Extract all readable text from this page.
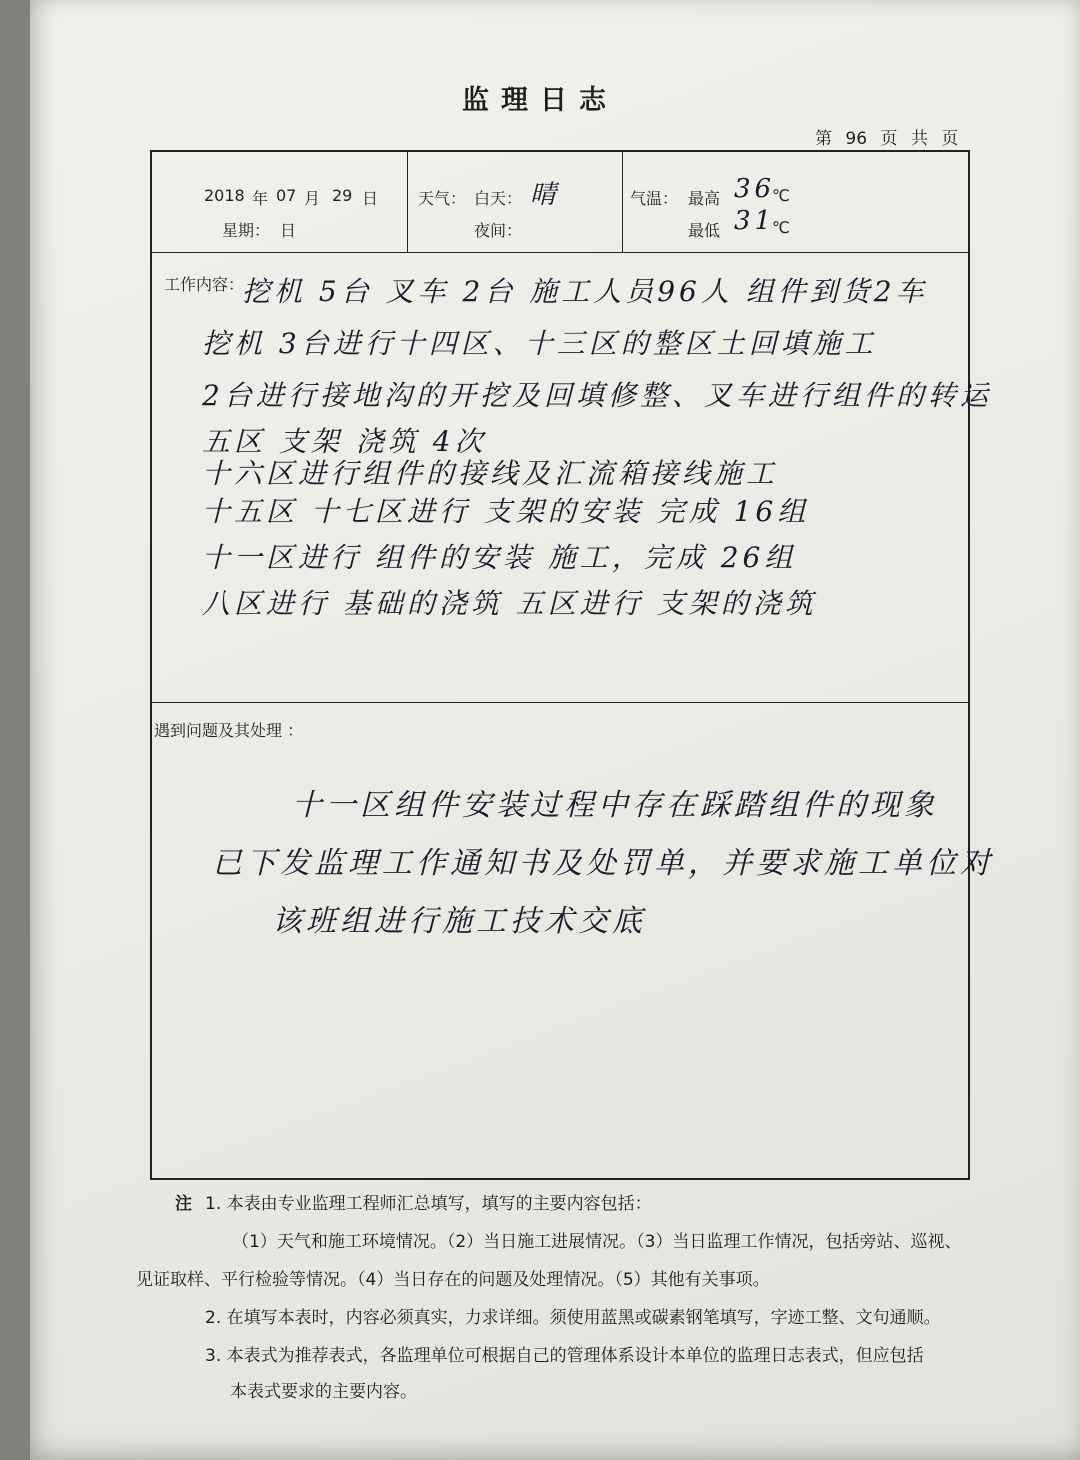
监理日志
第 96 页 共 页
2018 年 07 月 29 日
星期： 日
天气： 白天： 晴
夜间：
气温： 最高 36
℃
最低 31
℃
工作内容：
挖机 5台 叉车 2台 施工人员96人 组件到货2车
挖机 3台进行十四区、十三区的整区土回填施工
2台进行接地沟的开挖及回填修整、叉车进行组件的转运
五区 支架 浇筑 4次
十六区进行组件的接线及汇流箱接线施工
十五区 十七区进行 支架的安装 完成 16组
十一区进行 组件的安装 施工，完成 26组
八区进行 基础的浇筑 五区进行 支架的浇筑
遇到问题及其处理 ：
十一区组件安装过程中存在踩踏组件的现象
已下发监理工作通知书及处罚单，并要求施工单位对
该班组进行施工技术交底
注 1. 本表由专业监理工程师汇总填写，填写的主要内容包括：
（1）天气和施工环境情况。（2）当日施工进展情况。（3）当日监理工作情况，包括旁站、巡视、
见证取样、平行检验等情况。（4）当日存在的问题及处理情况。（5）其他有关事项。
2. 在填写本表时，内容必须真实，力求详细。须使用蓝黑或碳素钢笔填写，字迹工整、文句通顺。
3. 本表式为推荐表式，各监理单位可根据自己的管理体系设计本单位的监理日志表式，但应包括
本表式要求的主要内容。
